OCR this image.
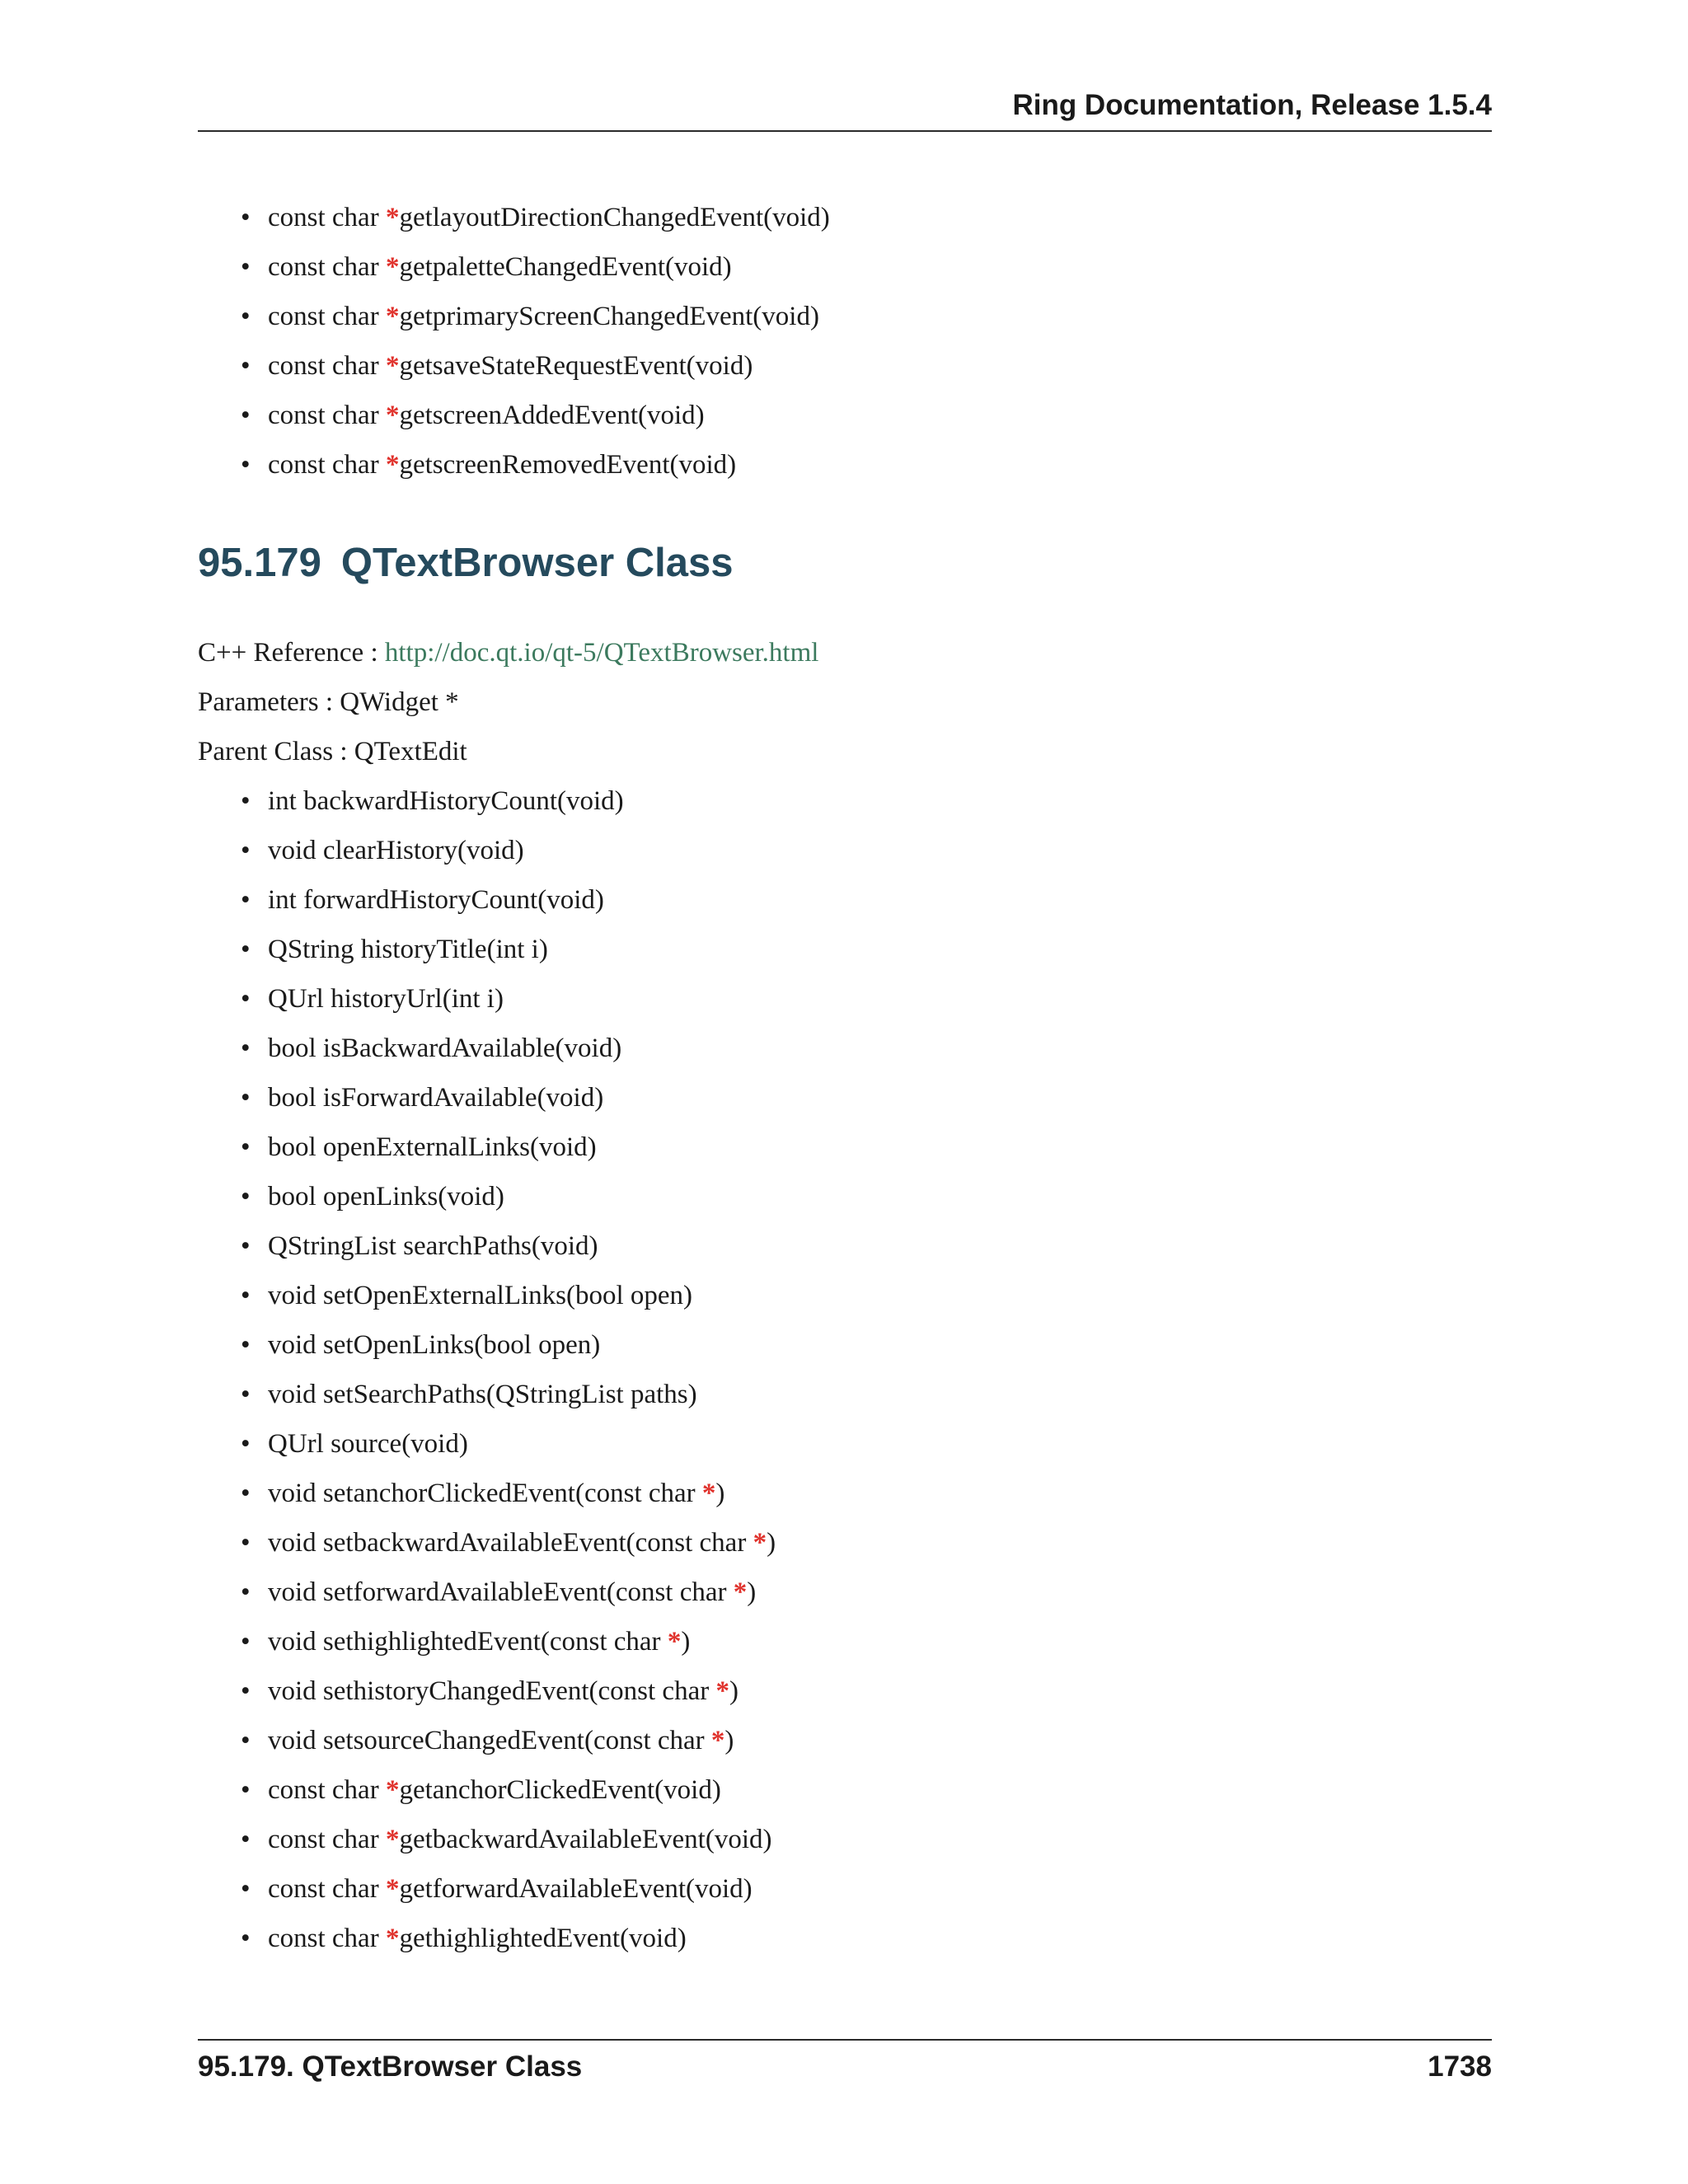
Ring Documentation, Release 1.5.4
• const char *getlayoutDirectionChangedEvent(void)
• const char *getpaletteChangedEvent(void)
• const char *getprimaryScreenChangedEvent(void)
• const char *getsaveStateRequestEvent(void)
• const char *getscreenAddedEvent(void)
• const char *getscreenRemovedEvent(void)
95.179 QTextBrowser Class
C++ Reference : http://doc.qt.io/qt-5/QTextBrowser.html
Parameters : QWidget *
Parent Class : QTextEdit
• int backwardHistoryCount(void)
• void clearHistory(void)
• int forwardHistoryCount(void)
• QString historyTitle(int i)
• QUrl historyUrl(int i)
• bool isBackwardAvailable(void)
• bool isForwardAvailable(void)
• bool openExternalLinks(void)
• bool openLinks(void)
• QStringList searchPaths(void)
• void setOpenExternalLinks(bool open)
• void setOpenLinks(bool open)
• void setSearchPaths(QStringList paths)
• QUrl source(void)
• void setanchorClickedEvent(const char *)
• void setbackwardAvailableEvent(const char *)
• void setforwardAvailableEvent(const char *)
• void sethighlightedEvent(const char *)
• void sethistoryChangedEvent(const char *)
• void setsourceChangedEvent(const char *)
• const char *getanchorClickedEvent(void)
• const char *getbackwardAvailableEvent(void)
• const char *getforwardAvailableEvent(void)
• const char *gethighlightedEvent(void)
95.179. QTextBrowser Class	1738
